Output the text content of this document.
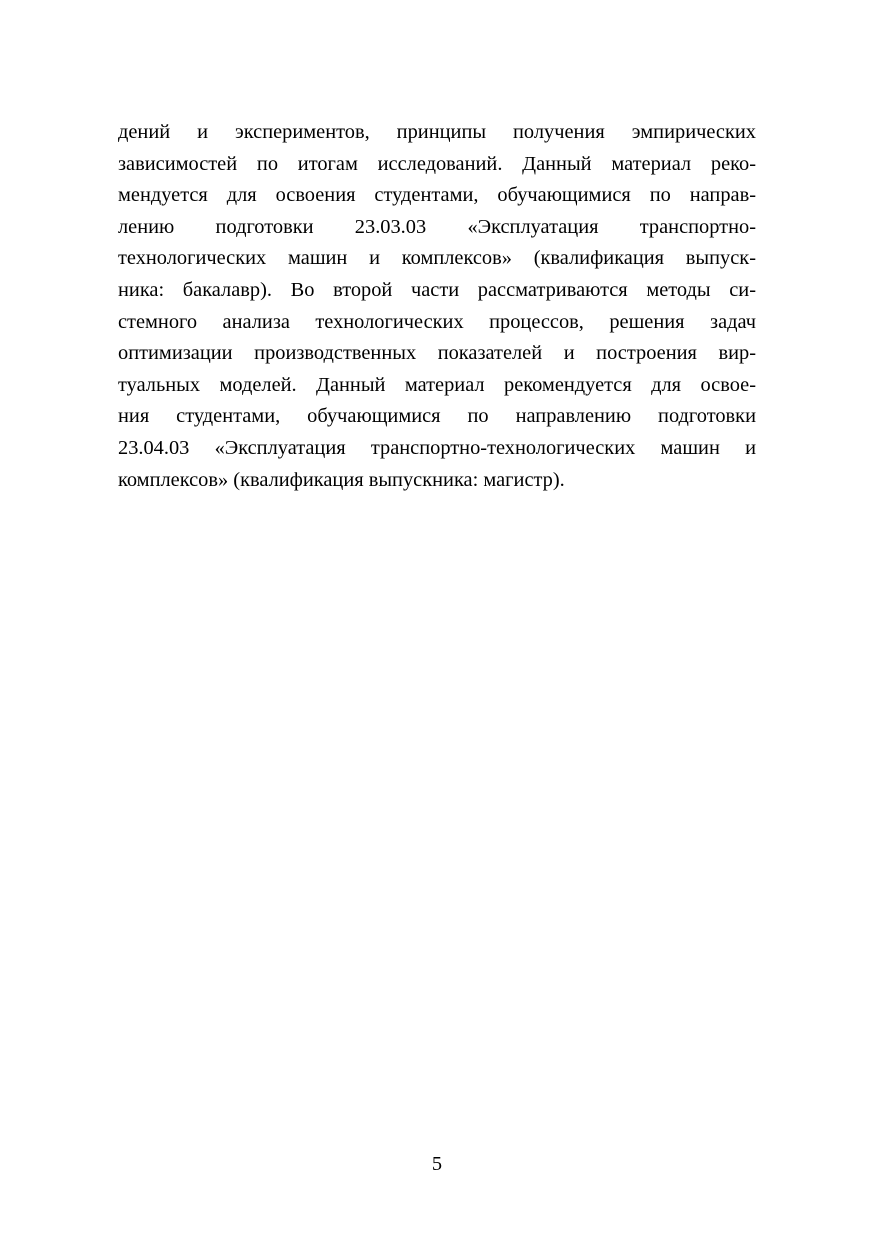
дений и экспериментов, принципы получения эмпирических
зависимостей по итогам исследований. Данный материал реко-
мендуется для освоения студентами, обучающимися по направ-
лению подготовки 23.03.03 «Эксплуатация транспортно-
технологических машин и комплексов» (квалификация выпуск-
ника: бакалавр). Во второй части рассматриваются методы си-
стемного анализа технологических процессов, решения задач
оптимизации производственных показателей и построения вир-
туальных моделей. Данный материал рекомендуется для освое-
ния студентами, обучающимися по направлению подготовки
23.04.03 «Эксплуатация транспортно-технологических машин и
комплексов» (квалификация выпускника: магистр).
5
